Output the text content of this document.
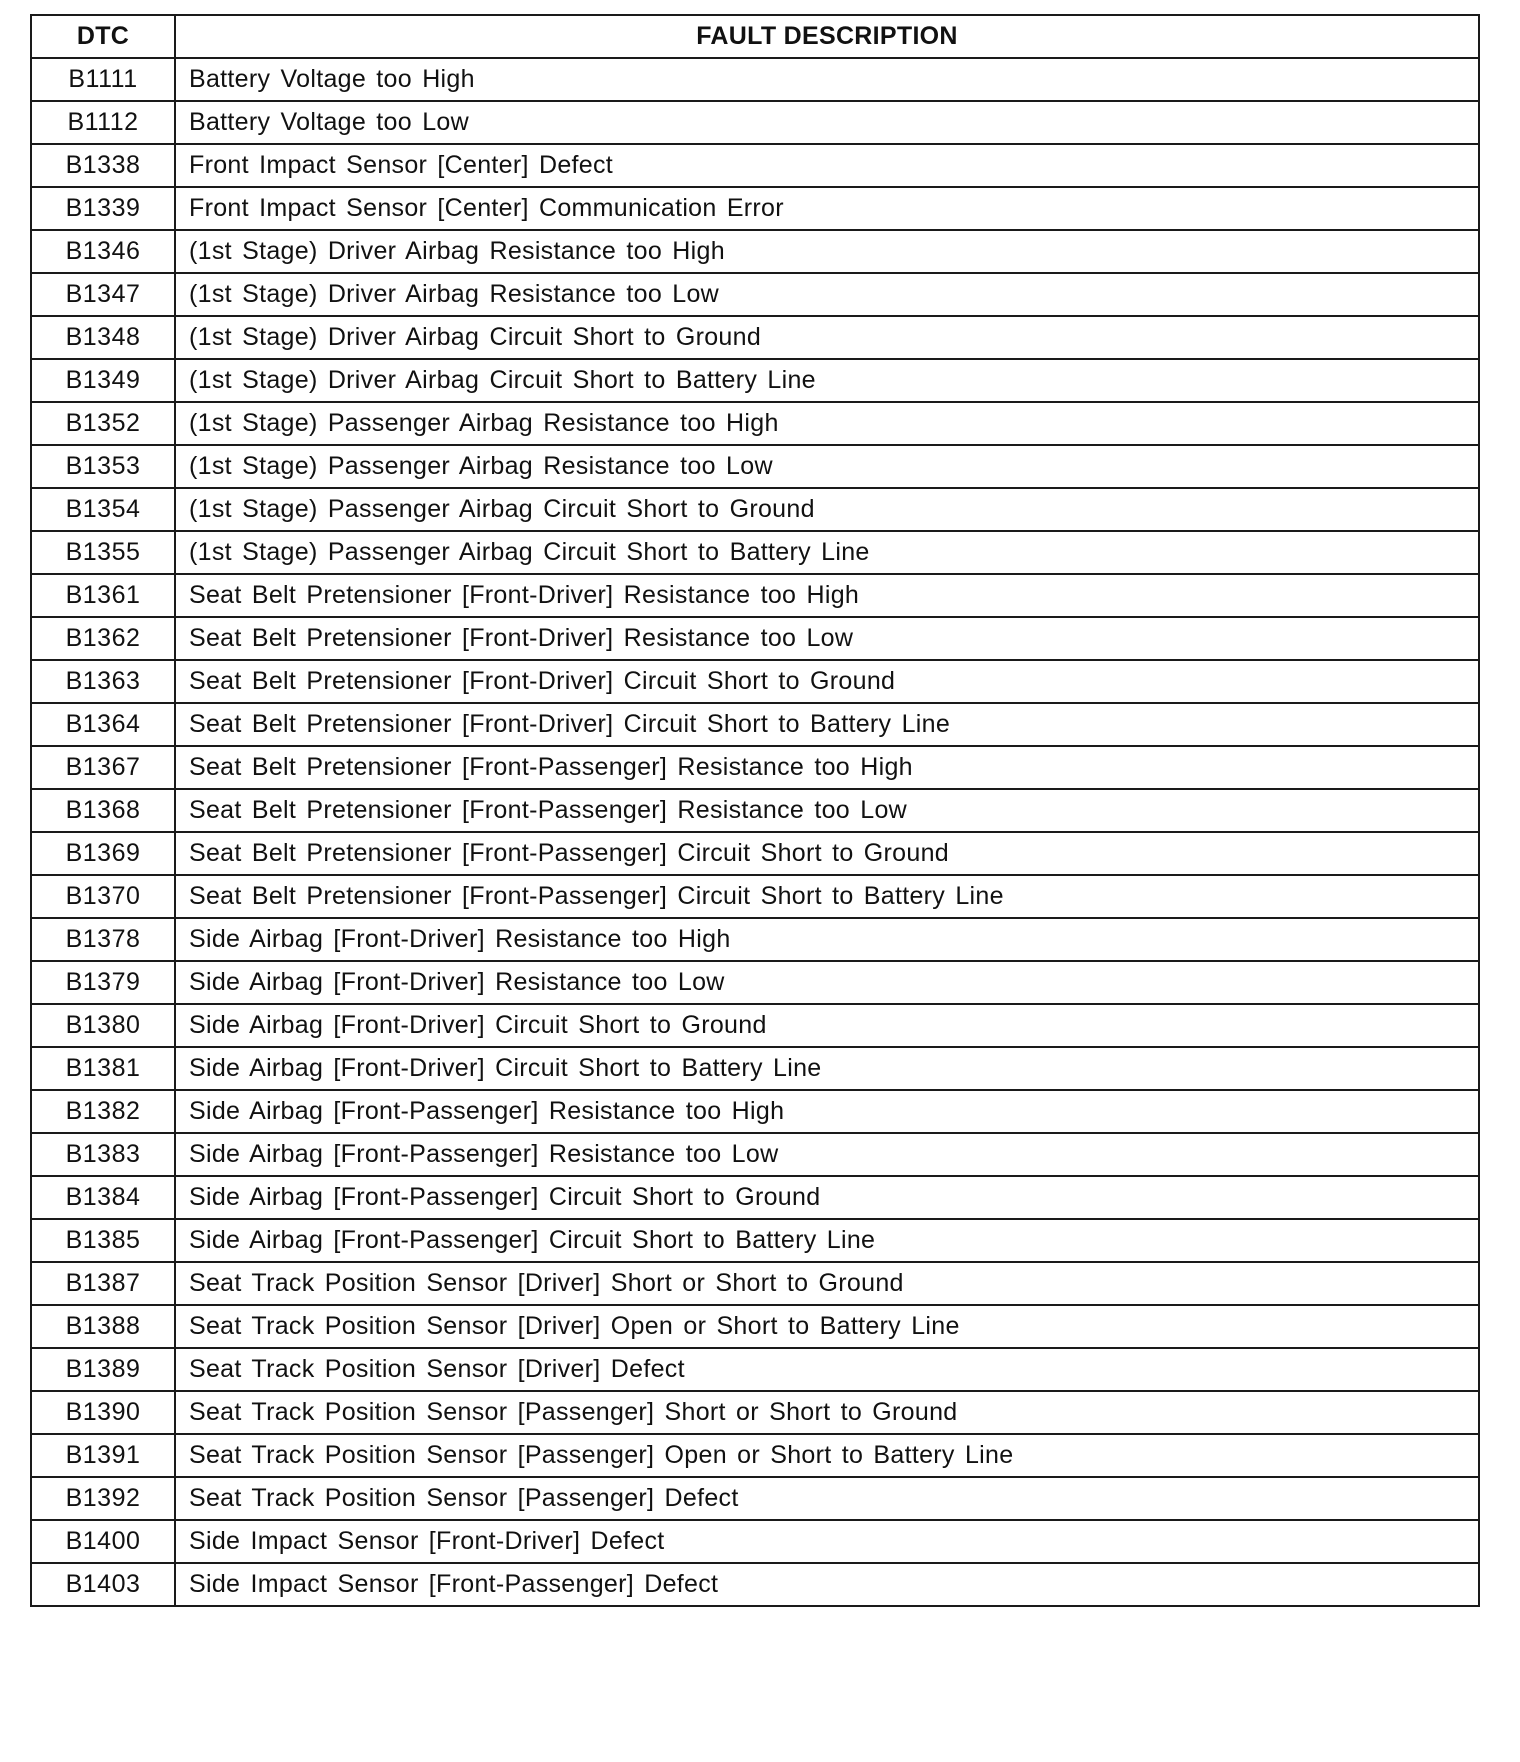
DTC	FAULT DESCRIPTION
B1111	Battery Voltage too High
B1112	Battery Voltage too Low
B1338	Front Impact Sensor [Center] Defect
B1339	Front Impact Sensor [Center] Communication Error
B1346	(1st Stage) Driver Airbag Resistance too High
B1347	(1st Stage) Driver Airbag Resistance too Low
B1348	(1st Stage) Driver Airbag Circuit Short to Ground
B1349	(1st Stage) Driver Airbag Circuit Short to Battery Line
B1352	(1st Stage) Passenger Airbag Resistance too High
B1353	(1st Stage) Passenger Airbag Resistance too Low
B1354	(1st Stage) Passenger Airbag Circuit Short to Ground
B1355	(1st Stage) Passenger Airbag Circuit Short to Battery Line
B1361	Seat Belt Pretensioner [Front-Driver] Resistance too High
B1362	Seat Belt Pretensioner [Front-Driver] Resistance too Low
B1363	Seat Belt Pretensioner [Front-Driver] Circuit Short to Ground
B1364	Seat Belt Pretensioner [Front-Driver] Circuit Short to Battery Line
B1367	Seat Belt Pretensioner [Front-Passenger] Resistance too High
B1368	Seat Belt Pretensioner [Front-Passenger] Resistance too Low
B1369	Seat Belt Pretensioner [Front-Passenger] Circuit Short to Ground
B1370	Seat Belt Pretensioner [Front-Passenger] Circuit Short to Battery Line
B1378	Side Airbag [Front-Driver] Resistance too High
B1379	Side Airbag [Front-Driver] Resistance too Low
B1380	Side Airbag [Front-Driver] Circuit Short to Ground
B1381	Side Airbag [Front-Driver] Circuit Short to Battery Line
B1382	Side Airbag [Front-Passenger] Resistance too High
B1383	Side Airbag [Front-Passenger] Resistance too Low
B1384	Side Airbag [Front-Passenger] Circuit Short to Ground
B1385	Side Airbag [Front-Passenger] Circuit Short to Battery Line
B1387	Seat Track Position Sensor [Driver] Short or Short to Ground
B1388	Seat Track Position Sensor [Driver] Open or Short to Battery Line
B1389	Seat Track Position Sensor [Driver] Defect
B1390	Seat Track Position Sensor [Passenger] Short or Short to Ground
B1391	Seat Track Position Sensor [Passenger] Open or Short to Battery Line
B1392	Seat Track Position Sensor [Passenger] Defect
B1400	Side Impact Sensor [Front-Driver] Defect
B1403	Side Impact Sensor [Front-Passenger] Defect
